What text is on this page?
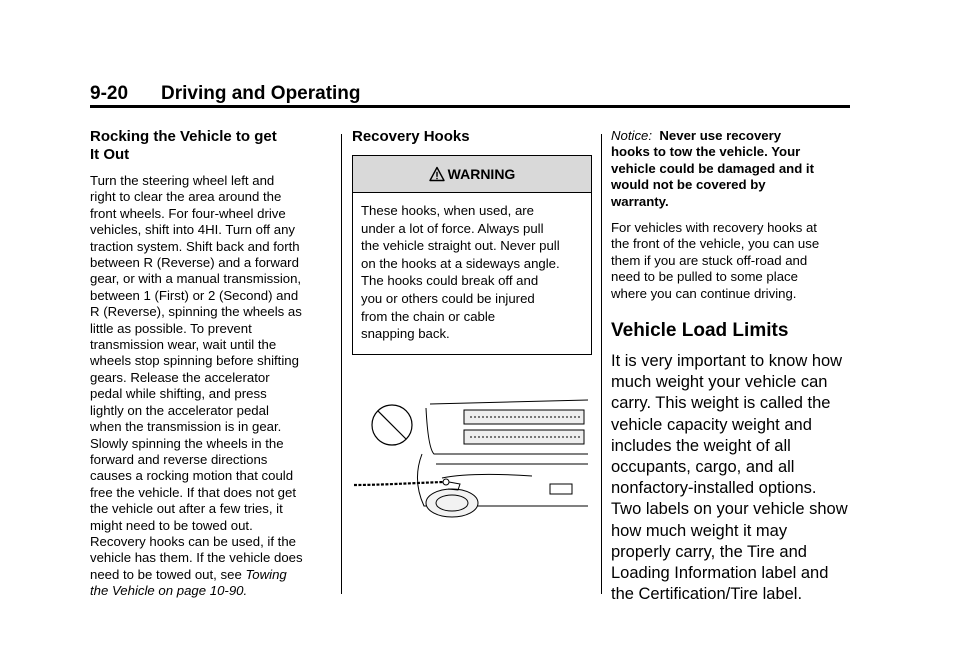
9-20 Driving and Operating
Rocking the Vehicle to get
It Out

Turn the steering wheel left and
right to clear the area around the
front wheels. For four-wheel drive
vehicles, shift into 4HI. Turn off any
traction system. Shift back and forth
between R (Reverse) and a forward
gear, or with a manual transmission,
between 1 (First) or 2 (Second) and
R (Reverse), spinning the wheels as
little as possible. To prevent
transmission wear, wait until the
wheels stop spinning before shifting
gears. Release the accelerator
pedal while shifting, and press
lightly on the accelerator pedal
when the transmission is in gear.
Slowly spinning the wheels in the
forward and reverse directions
causes a rocking motion that could
free the vehicle. If that does not get
the vehicle out after a few tries, it
might need to be towed out.
Recovery hooks can be used, if the
vehicle has them. If the vehicle does
need to be towed out, see Towing
the Vehicle on page 10-90.

Recovery Hooks
WARNING
These hooks, when used, are
under a lot of force. Always pull
the vehicle straight out. Never pull
on the hooks at a sideways angle.
The hooks could break off and
you or others could be injured
from the chain or cable
snapping back.

Notice: Never use recovery
hooks to tow the vehicle. Your
vehicle could be damaged and it
would not be covered by
warranty.

For vehicles with recovery hooks at
the front of the vehicle, you can use
them if you are stuck off-road and
need to be pulled to some place
where you can continue driving.

Vehicle Load Limits

It is very important to know how
much weight your vehicle can
carry. This weight is called the
vehicle capacity weight and
includes the weight of all
occupants, cargo, and all
nonfactory-installed options.
Two labels on your vehicle show
how much weight it may
properly carry, the Tire and
Loading Information label and
the Certification/Tire label.
